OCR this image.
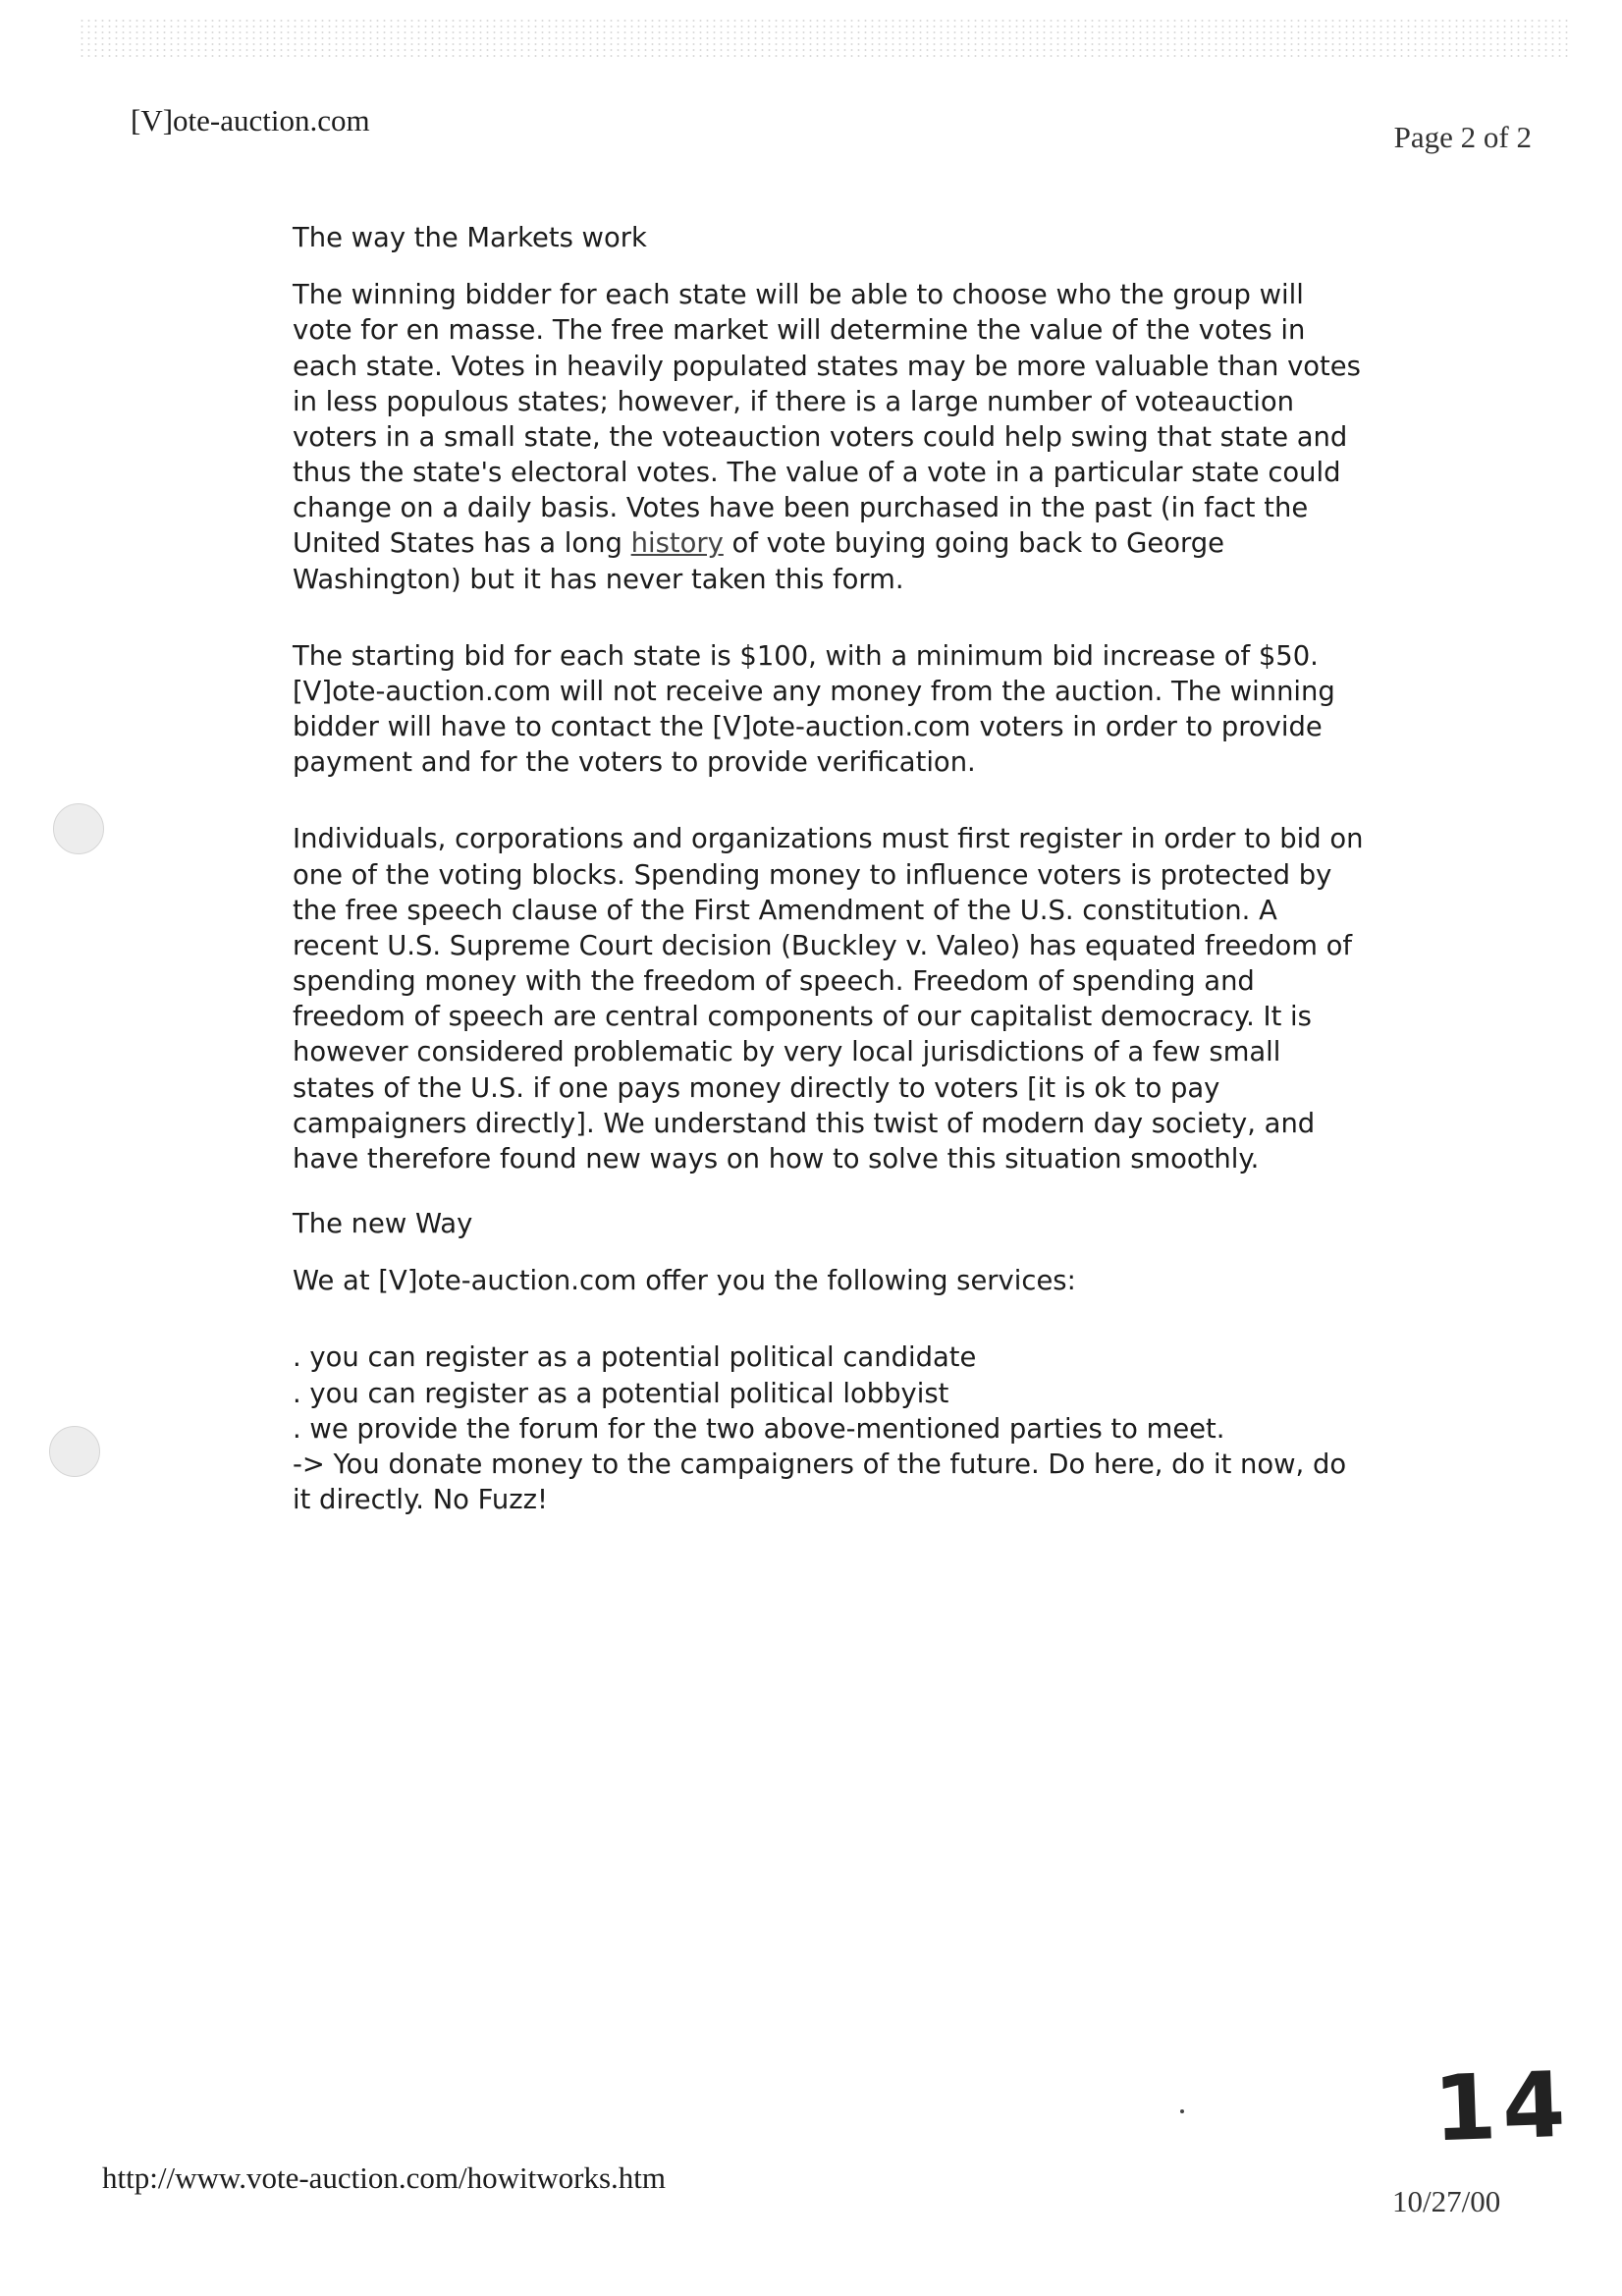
[V]ote-auction.com	Page 2 of 2

The way the Markets work

The winning bidder for each state will be able to choose who the group will vote for en masse. The free market will determine the value of the votes in each state. Votes in heavily populated states may be more valuable than votes in less populous states; however, if there is a large number of voteauction voters in a small state, the voteauction voters could help swing that state and thus the state's electoral votes. The value of a vote in a particular state could change on a daily basis. Votes have been purchased in the past (in fact the United States has a long history of vote buying going back to George Washington) but it has never taken this form.

The starting bid for each state is $100, with a minimum bid increase of $50. [V]ote-auction.com will not receive any money from the auction. The winning bidder will have to contact the [V]ote-auction.com voters in order to provide payment and for the voters to provide verification.

Individuals, corporations and organizations must first register in order to bid on one of the voting blocks. Spending money to influence voters is protected by the free speech clause of the First Amendment of the U.S. constitution. A recent U.S. Supreme Court decision (Buckley v. Valeo) has equated freedom of spending money with the freedom of speech. Freedom of spending and freedom of speech are central components of our capitalist democracy. It is however considered problematic by very local jurisdictions of a few small states of the U.S. if one pays money directly to voters [it is ok to pay campaigners directly]. We understand this twist of modern day society, and have therefore found new ways on how to solve this situation smoothly.

The new Way

We at [V]ote-auction.com offer you the following services:

. you can register as a potential political candidate
. you can register as a potential political lobbyist
. we provide the forum for the two above-mentioned parties to meet.
-> You donate money to the campaigners of the future. Do here, do it now, do it directly. No Fuzz!
14
http://www.vote-auction.com/howitworks.htm
10/27/00
